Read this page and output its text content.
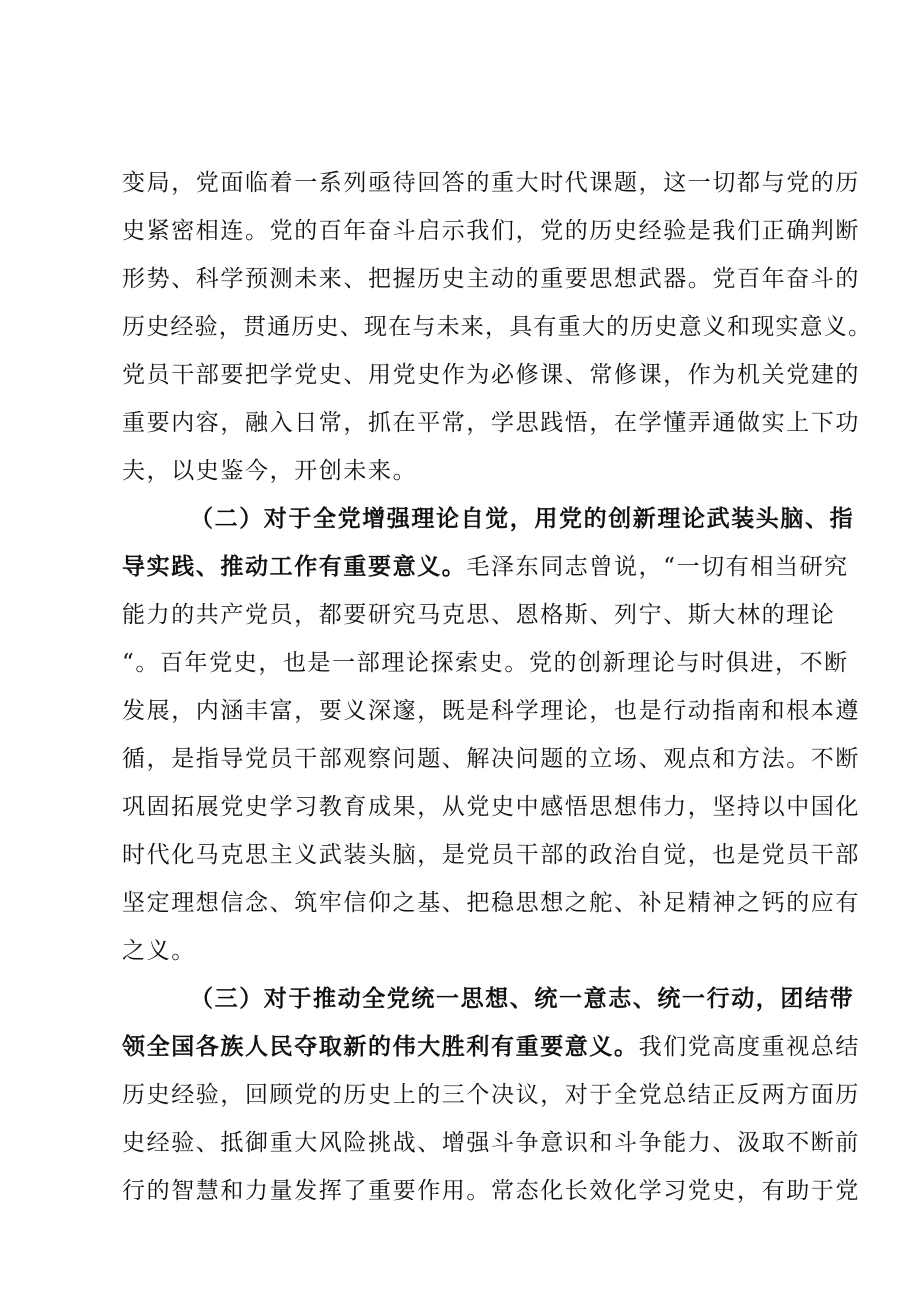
变局，党面临着一系列亟待回答的重大时代课题，这一切都与党的历
史紧密相连。党的百年奋斗启示我们，党的历史经验是我们正确判断
形势、科学预测未来、把握历史主动的重要思想武器。党百年奋斗的
历史经验，贯通历史、现在与未来，具有重大的历史意义和现实意义。
党员干部要把学党史、用党史作为必修课、常修课，作为机关党建的
重要内容，融入日常，抓在平常，学思践悟，在学懂弄通做实上下功
夫，以史鉴今，开创未来。
（二）对于全党增强理论自觉，用党的创新理论武装头脑、指
导实践、推动工作有重要意义。毛泽东同志曾说，“一切有相当研究
能力的共产党员，都要研究马克思、恩格斯、列宁、斯大林的理论
“。百年党史，也是一部理论探索史。党的创新理论与时俱进，不断
发展，内涵丰富，要义深邃，既是科学理论，也是行动指南和根本遵
循，是指导党员干部观察问题、解决问题的立场、观点和方法。不断
巩固拓展党史学习教育成果，从党史中感悟思想伟力，坚持以中国化
时代化马克思主义武装头脑，是党员干部的政治自觉，也是党员干部
坚定理想信念、筑牢信仰之基、把稳思想之舵、补足精神之钙的应有
之义。
（三）对于推动全党统一思想、统一意志、统一行动，团结带
领全国各族人民夺取新的伟大胜利有重要意义。我们党高度重视总结
历史经验，回顾党的历史上的三个决议，对于全党总结正反两方面历
史经验、抵御重大风险挑战、增强斗争意识和斗争能力、汲取不断前
行的智慧和力量发挥了重要作用。常态化长效化学习党史，有助于党
